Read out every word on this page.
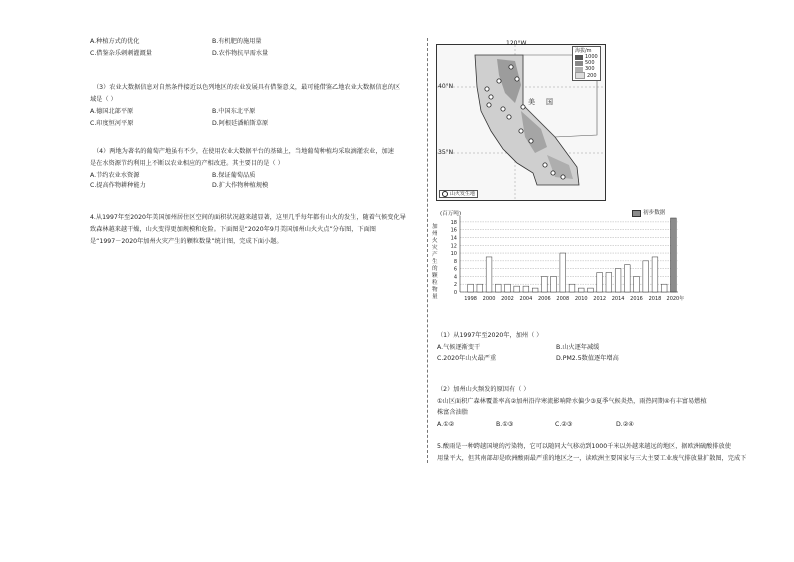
A.种植方式的优化	B.有机肥的施用量
C.借鉴杂乐刺刺灌溉量	D.农作物抗旱需水量
（3）农业大数据信息对自然条件接近以色列地区的农业发展具有借鉴意义，最可能借鉴乙地农业大数据信息的区
域是（ ）
A.德国北部平原	B.中国东北平原
C.印度恒河平原	D.阿根廷潘帕斯草原
（4）两地为著名的葡萄产地虽有不少，在使用农业大数据平台的基础上，当地葡萄种植均采取滴灌农业，加速
是在水资源节约利用上不断以农业相应的产相改进。其主要目的是（ ）
A.节约农业水资源	B.保证葡萄品质
C.提高作物耕种能力	D.扩大作物种植规模
4.从1997年至2020年美国加州居住区空间的面积状况越来越显著，这里几乎每年都有山火的发生，随着气候变化导
致森林越来越干燥，山火变得更加规模和危险。下面图是“2020年9月美国加州山火火点”分布图，下面图
是“1997－2020年加州火灾产生的颗粒数量”统计图，完成下面小题。
海拔/m
1000
500
300
200
山火发生地
120°W
40°N
35°N
美 国
(百万吨)	初步数据
加州火灾产生的颗粒物量
0
2
4
6
8
10
12
14
16
18
1998 2000 2002 2004 2006 2008 2010 2012 2014 2016 2018 2020年
（1）从1997年至2020年，加州（ ）
A.气候逐渐变干	B.山火逐年减缓
C.2020年山火最严重	D.PM2.5数值逐年增高
（2）加州山火频发的原因有（ ）
①山区面积广森林覆盖率高②加州沿岸寒流影响降水偏少③夏季气候炎热，雨热同期④有丰富易燃植
株富含油脂
A.①②	B.①③	C.②③	D.②④
5.酸雨是一种跨越国境的污染物，它可以随同大气移动到1000千米以外越来越远的地区，据欧洲硫酸排放使
用量平大，但其南部却是欧洲酸雨最严重的地区之一，读欧洲主要国家与三大主要工业废气排放量扩散图，完成下
